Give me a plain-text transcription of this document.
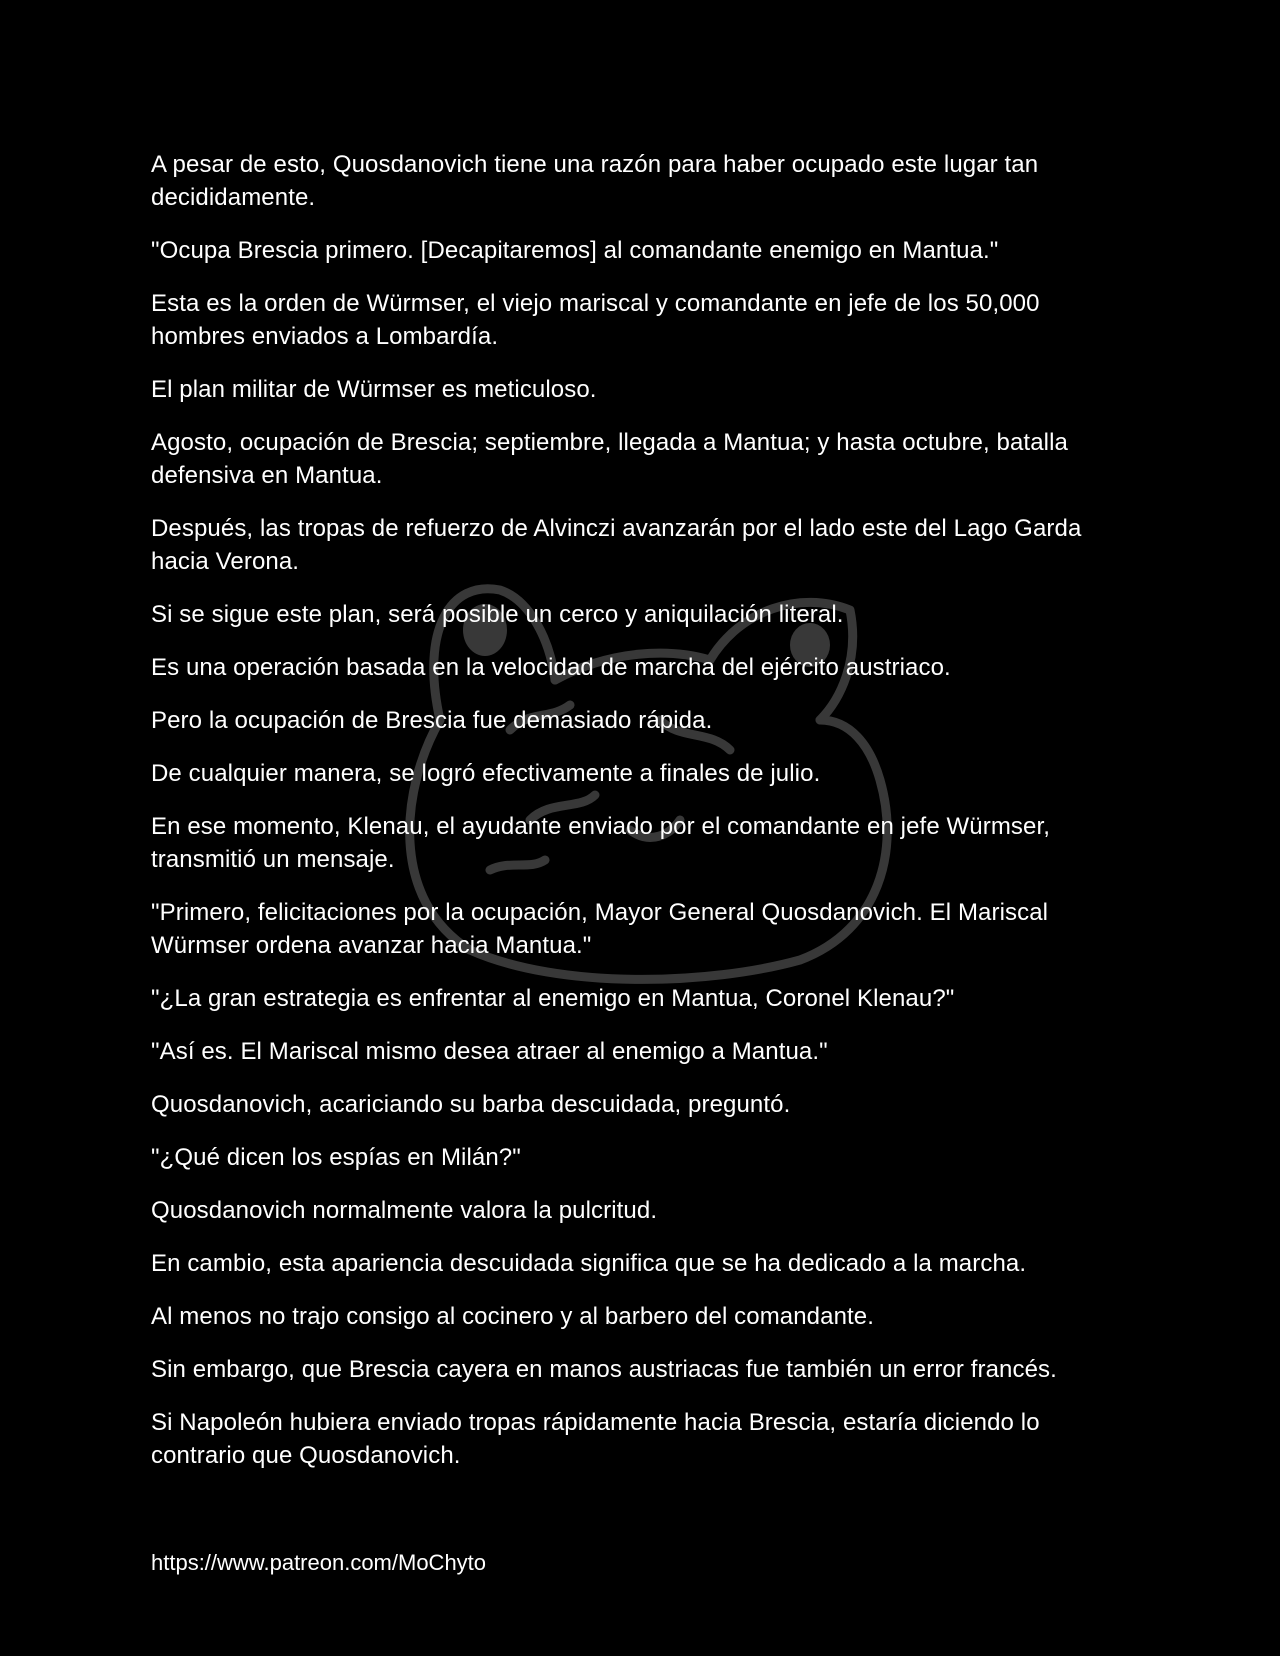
A pesar de esto, Quosdanovich tiene una razón para haber ocupado este lugar tan decididamente.

"Ocupa Brescia primero. [Decapitaremos] al comandante enemigo en Mantua."

Esta es la orden de Würmser, el viejo mariscal y comandante en jefe de los 50,000 hombres enviados a Lombardía.

El plan militar de Würmser es meticuloso.

Agosto, ocupación de Brescia; septiembre, llegada a Mantua; y hasta octubre, batalla defensiva en Mantua.

Después, las tropas de refuerzo de Alvinczi avanzarán por el lado este del Lago Garda hacia Verona.

Si se sigue este plan, será posible un cerco y aniquilación literal.

Es una operación basada en la velocidad de marcha del ejército austriaco.

Pero la ocupación de Brescia fue demasiado rápida.

De cualquier manera, se logró efectivamente a finales de julio.

En ese momento, Klenau, el ayudante enviado por el comandante en jefe Würmser, transmitió un mensaje.

"Primero, felicitaciones por la ocupación, Mayor General Quosdanovich. El Mariscal Würmser ordena avanzar hacia Mantua."

"¿La gran estrategia es enfrentar al enemigo en Mantua, Coronel Klenau?"

"Así es. El Mariscal mismo desea atraer al enemigo a Mantua."

Quosdanovich, acariciando su barba descuidada, preguntó.

"¿Qué dicen los espías en Milán?"

Quosdanovich normalmente valora la pulcritud.

En cambio, esta apariencia descuidada significa que se ha dedicado a la marcha.

Al menos no trajo consigo al cocinero y al barbero del comandante.

Sin embargo, que Brescia cayera en manos austriacas fue también un error francés.

Si Napoleón hubiera enviado tropas rápidamente hacia Brescia, estaría diciendo lo contrario que Quosdanovich.

https://www.patreon.com/MoChyto
